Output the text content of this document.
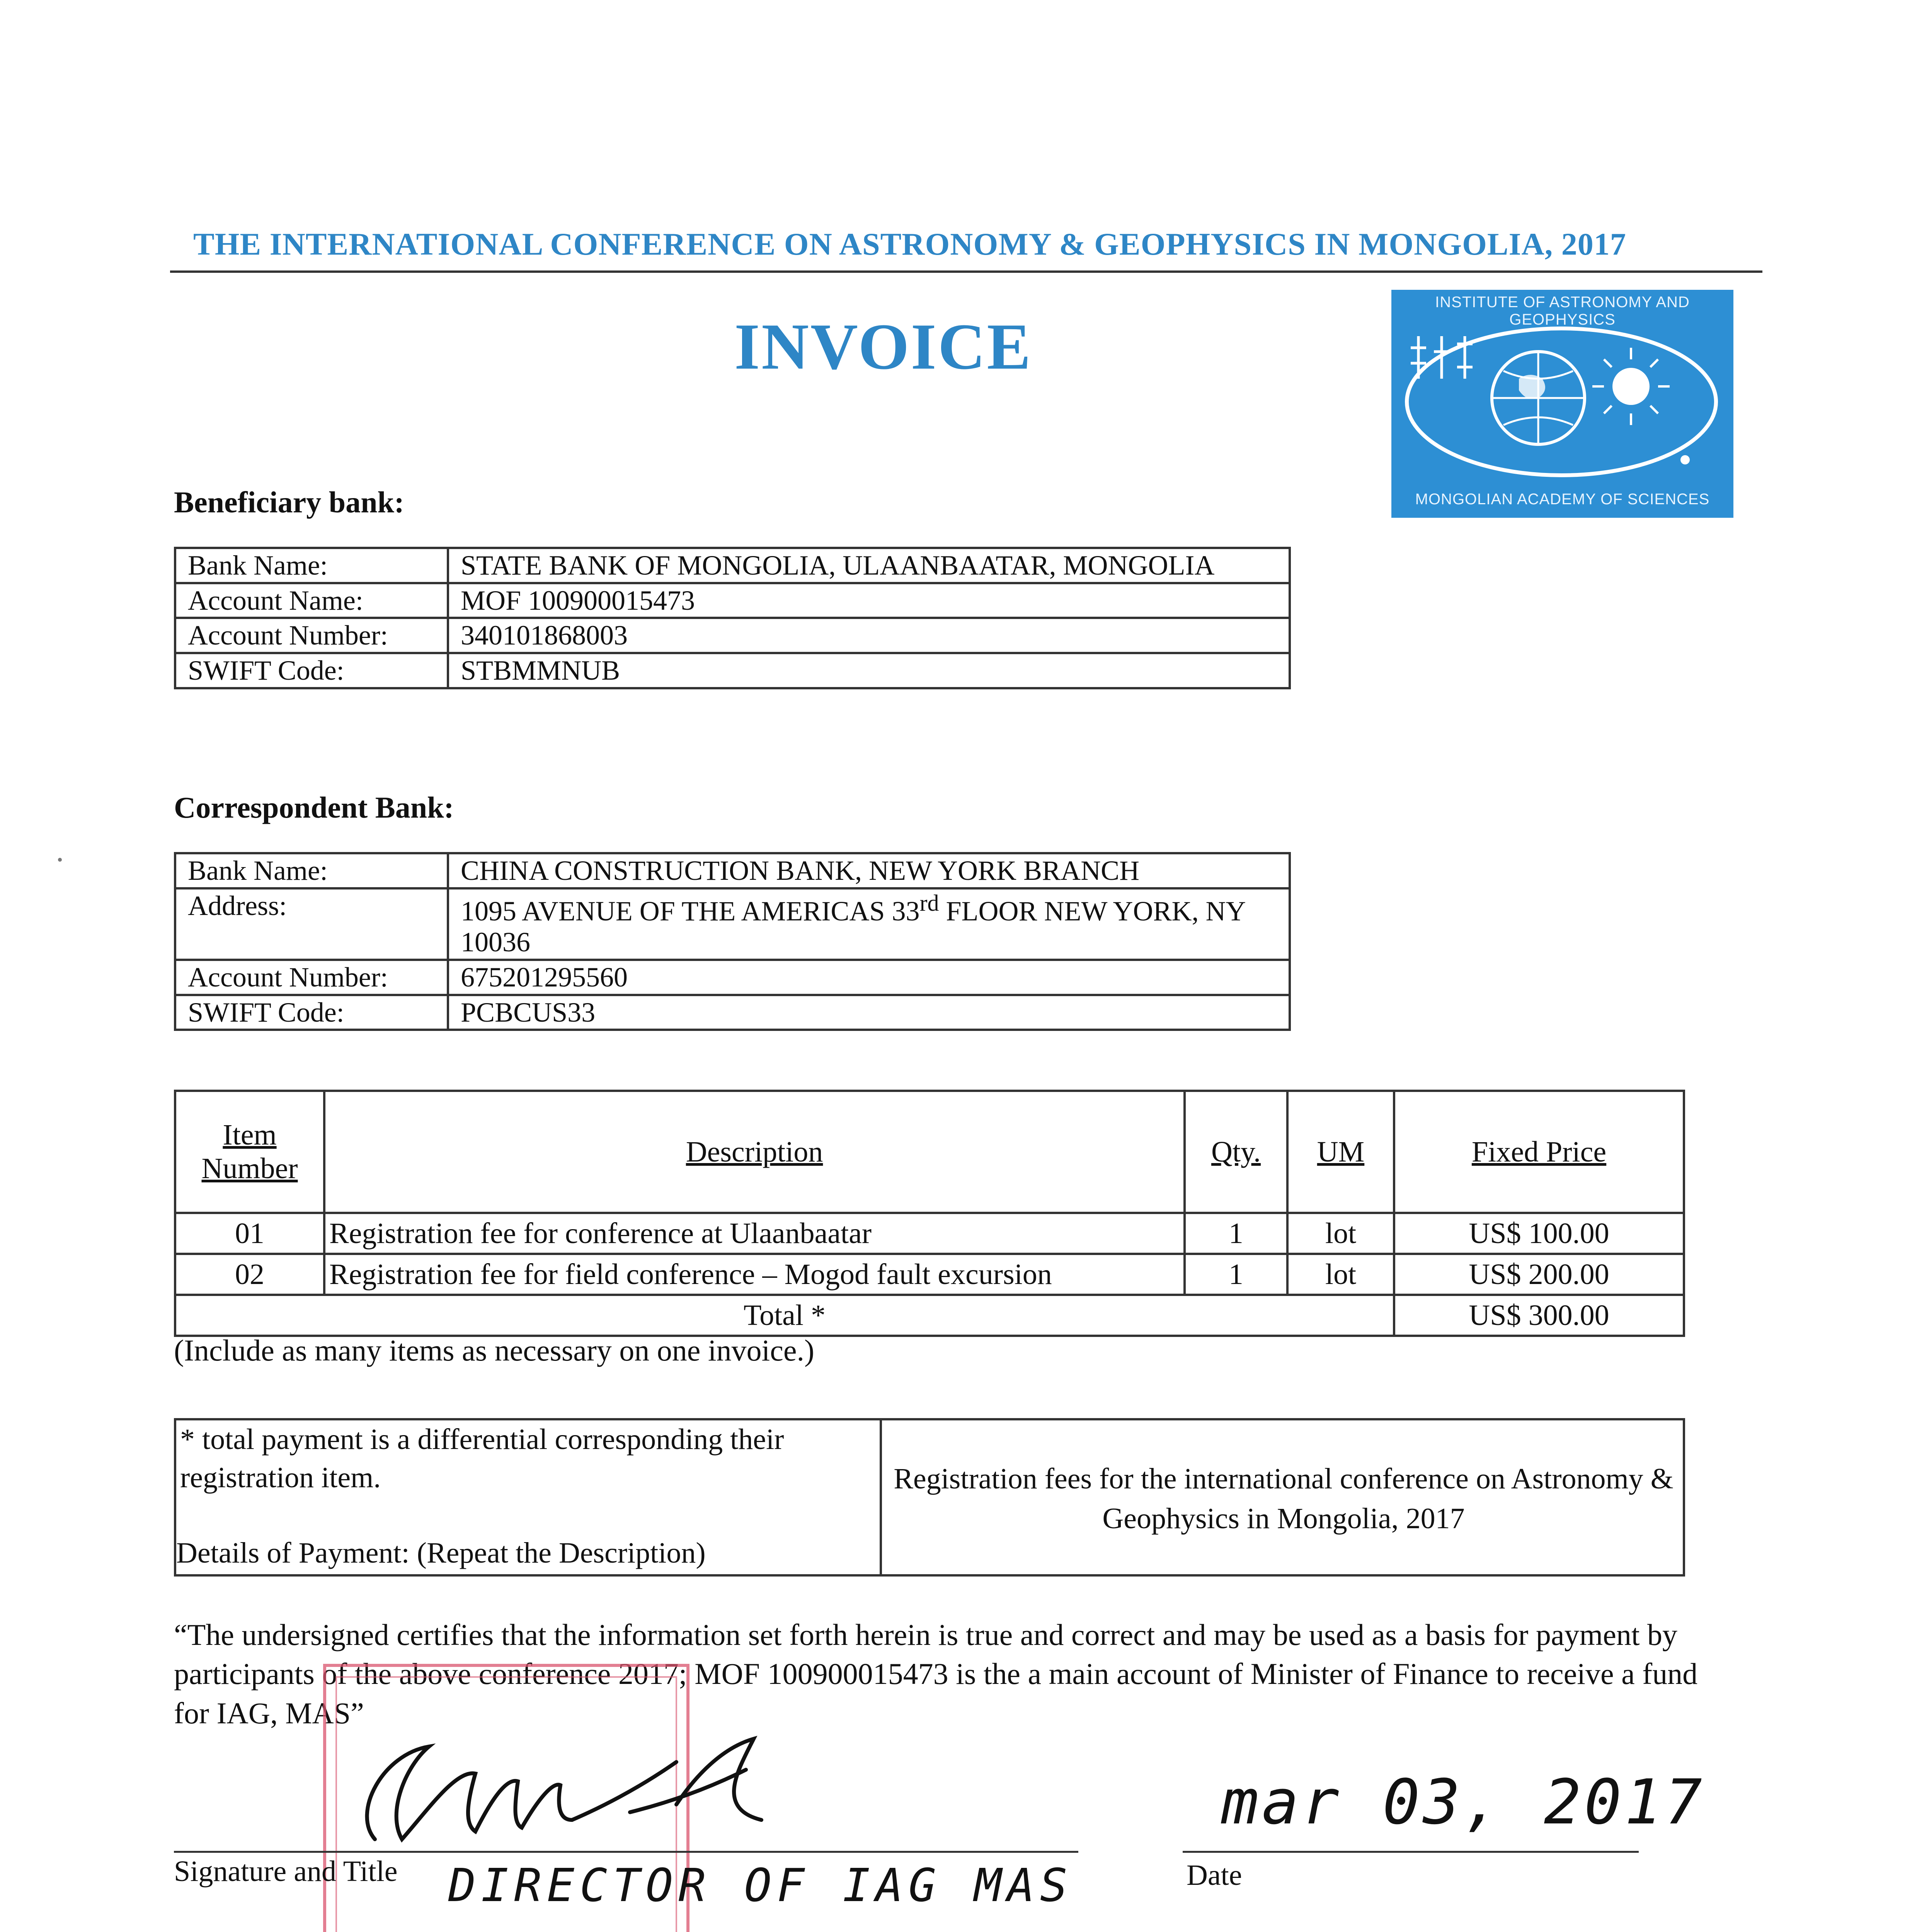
THE INTERNATIONAL CONFERENCE ON ASTRONOMY & GEOPHYSICS IN MONGOLIA, 2017
INVOICE
INSTITUTE OF ASTRONOMY AND GEOPHYSICS
MONGOLIAN ACADEMY OF SCIENCES
Beneficiary bank:
Bank Name:	STATE BANK OF MONGOLIA, ULAANBAATAR, MONGOLIA
Account Name:	MOF 100900015473
Account Number:	340101868003
SWIFT Code:	STBMMNUB
Correspondent Bank:
Bank Name:	CHINA CONSTRUCTION BANK, NEW YORK BRANCH
Address:	1095 AVENUE OF THE AMERICAS 33rd FLOOR NEW YORK, NY 10036
Account Number:	675201295560
SWIFT Code:	PCBCUS33
Item Number	Description	Qty.	UM	Fixed Price
01	Registration fee for conference at Ulaanbaatar	1	lot	US$ 100.00
02	Registration fee for field conference – Mogod fault excursion	1	lot	US$ 200.00
Total *				US$ 300.00
(Include as many items as necessary on one invoice.)
* total payment is a differential corresponding their registration item.
Details of Payment: (Repeat the Description)
Registration fees for the international conference on Astronomy & Geophysics in Mongolia, 2017
“The undersigned certifies that the information set forth herein is true and correct and may be used as a basis for payment by participants of the above conference 2017; MOF 100900015473 is the a main account of Minister of Finance to receive a fund for IAG, MAS”
Signature and Title DIRECTOR OF IAG MAS	Date
mar 03, 2017
